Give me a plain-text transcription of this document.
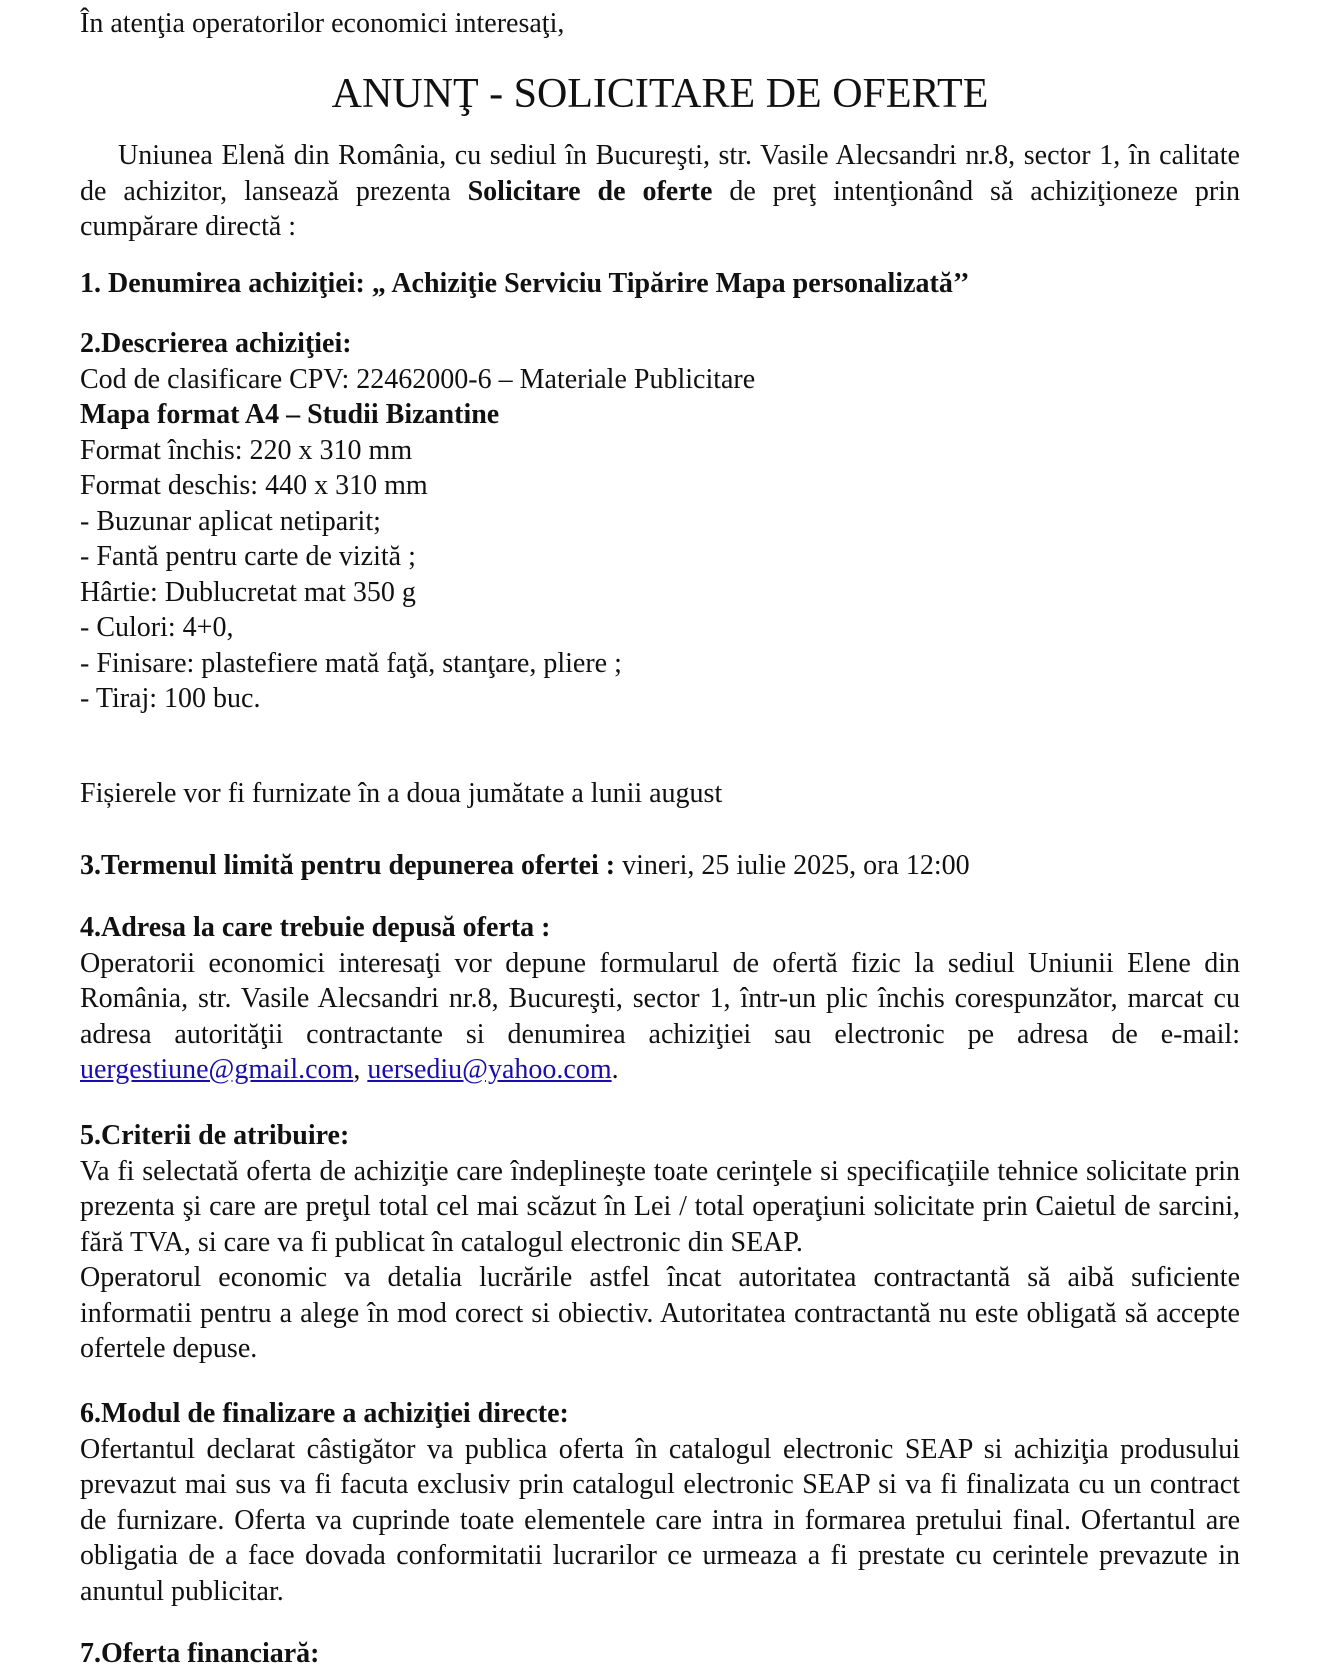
În atenţia operatorilor economici interesaţi,

ANUNŢ - SOLICITARE DE OFERTE

Uniunea Elenă din România, cu sediul în Bucureşti, str. Vasile Alecsandri nr.8, sector 1, în calitate de achizitor, lansează prezenta Solicitare de oferte de preţ intenţionând să achiziţioneze prin cumpărare directă :

1. Denumirea achiziţiei: „ Achiziţie Serviciu Tipărire Mapa personalizată’’

2.Descrierea achiziţiei:

Cod de clasificare CPV: 22462000-6 – Materiale Publicitare

Mapa format A4 – Studii Bizantine

Format închis: 220 x 310 mm

Format deschis: 440 x 310 mm

- Buzunar aplicat netiparit;

- Fantă pentru carte de vizită ;

Hârtie: Dublucretat mat 350 g

- Culori: 4+0,

- Finisare: plastefiere mată faţă, stanţare, pliere ;

- Tiraj: 100 buc.

Fișierele vor fi furnizate în a doua jumătate a lunii august

3.Termenul limită pentru depunerea ofertei : vineri, 25 iulie 2025, ora 12:00

4.Adresa la care trebuie depusă oferta :

Operatorii economici interesaţi vor depune formularul de ofertă fizic la sediul Uniunii Elene din România, str. Vasile Alecsandri nr.8, Bucureşti, sector 1, într-un plic închis corespunzător, marcat cu adresa autorităţii contractante si denumirea achiziţiei sau electronic pe adresa de e-mail: uergestiune@gmail.com, uersediu@yahoo.com.

5.Criterii de atribuire:

Va fi selectată oferta de achiziţie care îndeplineşte toate cerinţele si specificaţiile tehnice solicitate prin prezenta şi care are preţul total cel mai scăzut în Lei / total operaţiuni solicitate prin Caietul de sarcini, fără TVA, si care va fi publicat în catalogul electronic din SEAP.

Operatorul economic va detalia lucrările astfel încat autoritatea contractantă să aibă suficiente informatii pentru a alege în mod corect si obiectiv. Autoritatea contractantă nu este obligată să accepte ofertele depuse.

6.Modul de finalizare a achiziţiei directe:

Ofertantul declarat câstigător va publica oferta în catalogul electronic SEAP si achiziţia produsului prevazut mai sus va fi facuta exclusiv prin catalogul electronic SEAP si va fi finalizata cu un contract de furnizare. Oferta va cuprinde toate elementele care intra in formarea pretului final. Ofertantul are obligatia de a face dovada conformitatii lucrarilor ce urmeaza a fi prestate cu cerintele prevazute in anuntul publicitar.

7.Oferta financiară:
